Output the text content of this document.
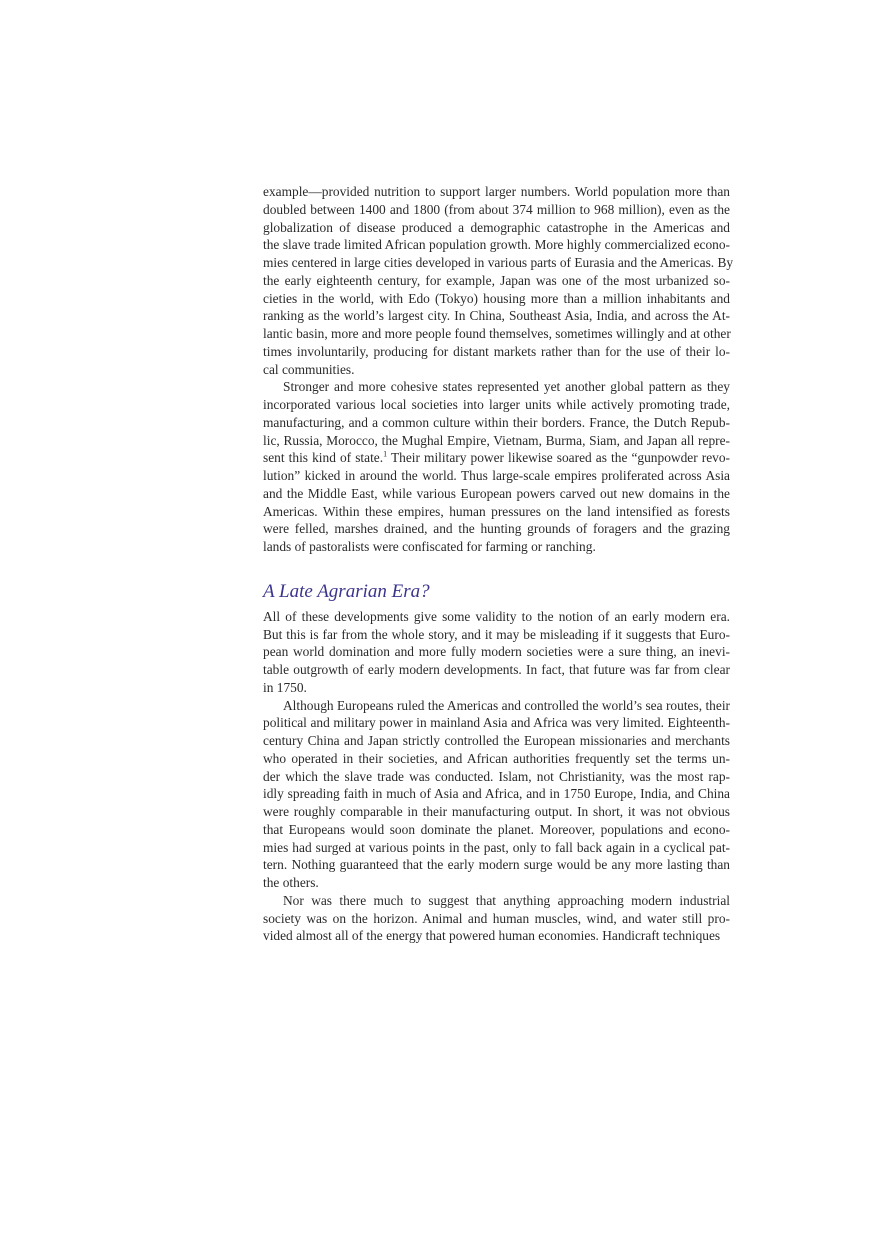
example—provided nutrition to support larger numbers. World population more than
doubled between 1400 and 1800 (from about 374 million to 968 million), even as the
globalization of disease produced a demographic catastrophe in the Americas and
the slave trade limited African population growth. More highly commercialized econo-
mies centered in large cities developed in various parts of Eurasia and the Americas. By
the early eighteenth century, for example, Japan was one of the most urbanized so-
cieties in the world, with Edo (Tokyo) housing more than a million inhabitants and
ranking as the world’s largest city. In China, Southeast Asia, India, and across the At-
lantic basin, more and more people found themselves, sometimes willingly and at other
times involuntarily, producing for distant markets rather than for the use of their lo-
cal communities.
Stronger and more cohesive states represented yet another global pattern as they
incorporated various local societies into larger units while actively promoting trade,
manufacturing, and a common culture within their borders. France, the Dutch Repub-
lic, Russia, Morocco, the Mughal Empire, Vietnam, Burma, Siam, and Japan all repre-
sent this kind of state.$^1$ Their military power likewise soared as the “gunpowder revo-
lution” kicked in around the world. Thus large-scale empires proliferated across Asia
and the Middle East, while various European powers carved out new domains in the
Americas. Within these empires, human pressures on the land intensified as forests
were felled, marshes drained, and the hunting grounds of foragers and the grazing
lands of pastoralists were confiscated for farming or ranching.
A Late Agrarian Era?
All of these developments give some validity to the notion of an early modern era.
But this is far from the whole story, and it may be misleading if it suggests that Euro-
pean world domination and more fully modern societies were a sure thing, an inevi-
table outgrowth of early modern developments. In fact, that future was far from clear
in 1750.
Although Europeans ruled the Americas and controlled the world’s sea routes, their
political and military power in mainland Asia and Africa was very limited. Eighteenth-
century China and Japan strictly controlled the European missionaries and merchants
who operated in their societies, and African authorities frequently set the terms un-
der which the slave trade was conducted. Islam, not Christianity, was the most rap-
idly spreading faith in much of Asia and Africa, and in 1750 Europe, India, and China
were roughly comparable in their manufacturing output. In short, it was not obvious
that Europeans would soon dominate the planet. Moreover, populations and econo-
mies had surged at various points in the past, only to fall back again in a cyclical pat-
tern. Nothing guaranteed that the early modern surge would be any more lasting than
the others.
Nor was there much to suggest that anything approaching modern industrial
society was on the horizon. Animal and human muscles, wind, and water still pro-
vided almost all of the energy that powered human economies. Handicraft techniques
